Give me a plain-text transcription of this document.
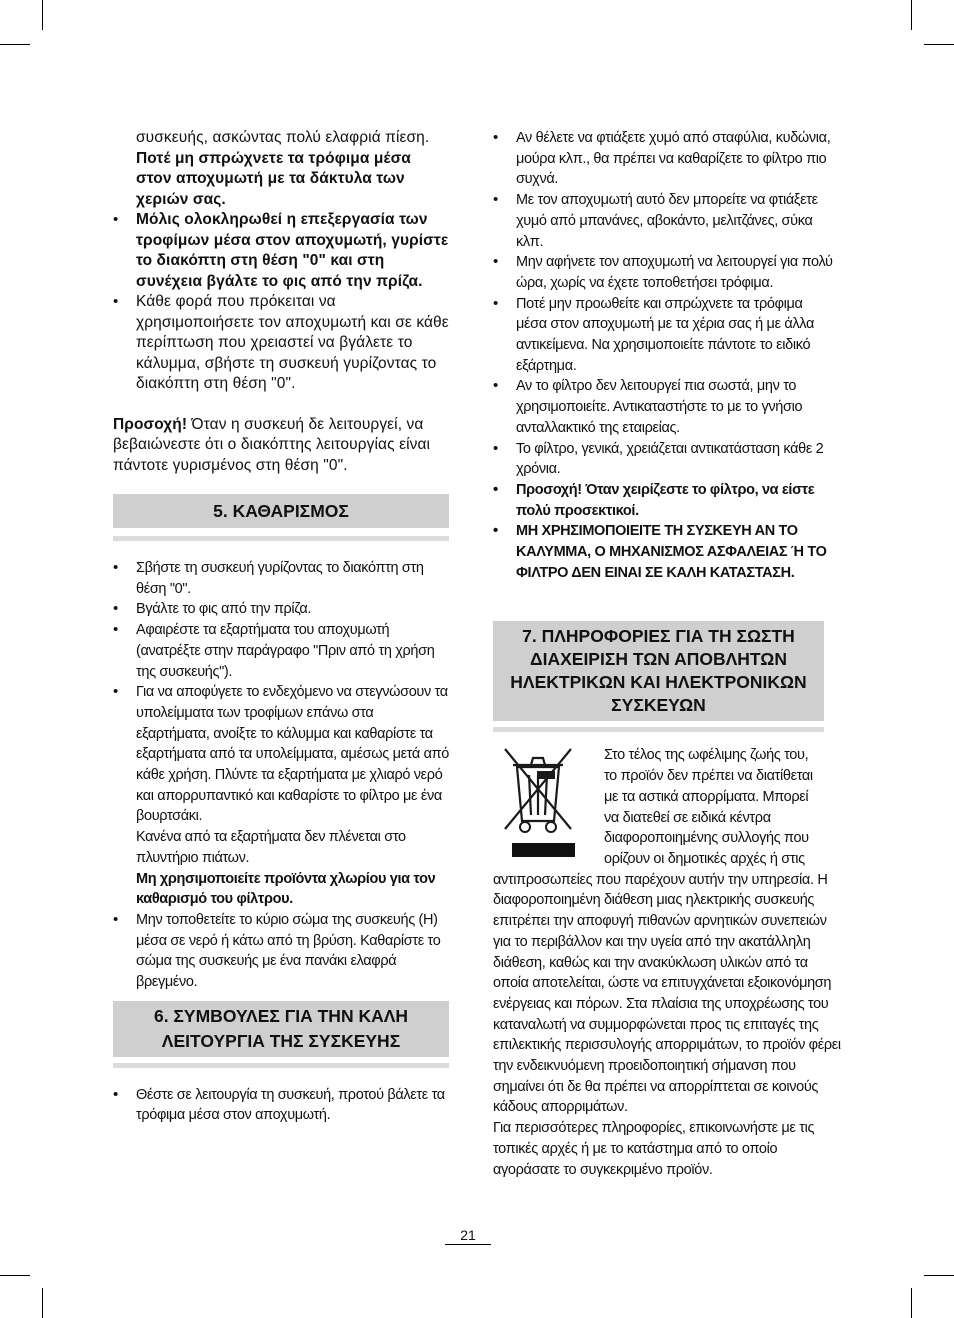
συσκευής, ασκώντας πολύ ελαφριά πίεση. Ποτέ μη σπρώχνετε τα τρόφιμα μέσα στον αποχυμωτή με τα δάκτυλα των χεριών σας.
• Μόλις ολοκληρωθεί η επεξεργασία των τροφίμων μέσα στον αποχυμωτή, γυρίστε το διακόπτη στη θέση "0" και στη συνέχεια βγάλτε το φις από την πρίζα.
• Κάθε φορά που πρόκειται να χρησιμοποιήσετε τον αποχυμωτή και σε κάθε περίπτωση που χρειαστεί να βγάλετε το κάλυμμα, σβήστε τη συσκευή γυρίζοντας το διακόπτη στη θέση "0".

Προσοχή! Όταν η συσκευή δε λειτουργεί, να βεβαιώνεστε ότι ο διακόπτης λειτουργίας είναι πάντοτε γυρισμένος στη θέση "0".

5. ΚΑΘΑΡΙΣΜΟΣ
• Σβήστε τη συσκευή γυρίζοντας το διακόπτη στη θέση "0".
• Βγάλτε το φις από την πρίζα.
• Αφαιρέστε τα εξαρτήματα του αποχυμωτή (ανατρέξτε στην παράγραφο "Πριν από τη χρήση της συσκευής").
• Για να αποφύγετε το ενδεχόμενο να στεγνώσουν τα υπολείμματα των τροφίμων επάνω στα εξαρτήματα, ανοίξτε το κάλυμμα και καθαρίστε τα εξαρτήματα από τα υπολείμματα, αμέσως μετά από κάθε χρήση. Πλύντε τα εξαρτήματα με χλιαρό νερό και απορρυπαντικό και καθαρίστε το φίλτρο με ένα βουρτσάκι.
Κανένα από τα εξαρτήματα δεν πλένεται στο πλυντήριο πιάτων.
Μη χρησιμοποιείτε προϊόντα χλωρίου για τον καθαρισμό του φίλτρου.
• Μην τοποθετείτε το κύριο σώμα της συσκευής (Η) μέσα σε νερό ή κάτω από τη βρύση. Καθαρίστε το σώμα της συσκευής με ένα πανάκι ελαφρά βρεγμένο.
6. ΣΥΜΒΟΥΛΕΣ ΓΙΑ ΤΗΝ ΚΑΛΗ
ΛΕΙΤΟΥΡΓΙΑ ΤΗΣ ΣΥΣΚΕΥΗΣ
• Θέστε σε λειτουργία τη συσκευή, προτού βάλετε τα τρόφιμα μέσα στον αποχυμωτή.
• Αν θέλετε να φτιάξετε χυμό από σταφύλια, κυδώνια, μούρα κλπ., θα πρέπει να καθαρίζετε το φίλτρο πιο συχνά.
• Με τον αποχυμωτή αυτό δεν μπορείτε να φτιάξετε χυμό από μπανάνες, αβοκάντο, μελιτζάνες, σύκα κλπ.
• Μην αφήνετε τον αποχυμωτή να λειτουργεί για πολύ ώρα, χωρίς να έχετε τοποθετήσει τρόφιμα.
• Ποτέ μην προωθείτε και σπρώχνετε τα τρόφιμα μέσα στον αποχυμωτή με τα χέρια σας ή με άλλα αντικείμενα. Να χρησιμοποιείτε πάντοτε το ειδικό εξάρτημα.
• Αν το φίλτρο δεν λειτουργεί πια σωστά, μην το χρησιμοποιείτε. Αντικαταστήστε το με το γνήσιο ανταλλακτικό της εταιρείας.
• Το φίλτρο, γενικά, χρειάζεται αντικατάσταση κάθε 2 χρόνια.
• Προσοχή! Όταν χειρίζεστε το φίλτρο, να είστε πολύ προσεκτικοί.
• ΜΗ ΧΡΗΣΙΜΟΠΟΙΕΙΤΕ ΤΗ ΣΥΣΚΕΥΗ ΑΝ ΤΟ ΚΑΛΥΜΜΑ, Ο ΜΗΧΑΝΙΣΜΟΣ ΑΣΦΑΛΕΙΑΣ Ή ΤΟ ΦΙΛΤΡΟ ΔΕΝ ΕΙΝΑΙ ΣΕ ΚΑΛΗ ΚΑΤΑΣΤΑΣΗ.
7. ΠΛΗΡΟΦΟΡΙΕΣ ΓΙΑ ΤΗ ΣΩΣΤΗ
ΔΙΑΧΕΙΡΙΣΗ ΤΩΝ ΑΠΟΒΛΗΤΩΝ
ΗΛΕΚΤΡΙΚΩΝ ΚΑΙ ΗΛΕΚΤΡΟΝΙΚΩΝ
ΣΥΣΚΕΥΩΝ
Στο τέλος της ωφέλιμης ζωής του,
το προϊόν δεν πρέπει να διατίθεται
με τα αστικά απορρίματα. Μπορεί
να διατεθεί σε ειδικά κέντρα
διαφοροποιημένης συλλογής που
ορίζουν οι δημοτικές αρχές ή στις

αντιπροσωπείες που παρέχουν αυτήν την υπηρεσία. Η διαφοροποιημένη διάθεση μιας ηλεκτρικής συσκευής επιτρέπει την αποφυγή πιθανών αρνητικών συνεπειών για το περιβάλλον και την υγεία από την ακατάλληλη διάθεση, καθώς και την ανακύκλωση υλικών από τα οποία αποτελείται, ώστε να επιτυγχάνεται εξοικονόμηση ενέργειας και πόρων. Στα πλαίσια της υποχρέωσης του καταναλωτή να συμμορφώνεται προς τις επιταγές της επιλεκτικής περισσυλογής απορριμάτων, το προϊόν φέρει την ενδεικνυόμενη προειδοποιητική σήμανση που σημαίνει ότι δε θα πρέπει να απορρίπτεται σε κοινούς κάδους απορριμάτων.

Για περισσότερες πληροφορίες, επικοινωνήστε με τις τοπικές αρχές ή με το κατάστημα από το οποίο αγοράσατε το συγκεκριμένο προϊόν.

21
